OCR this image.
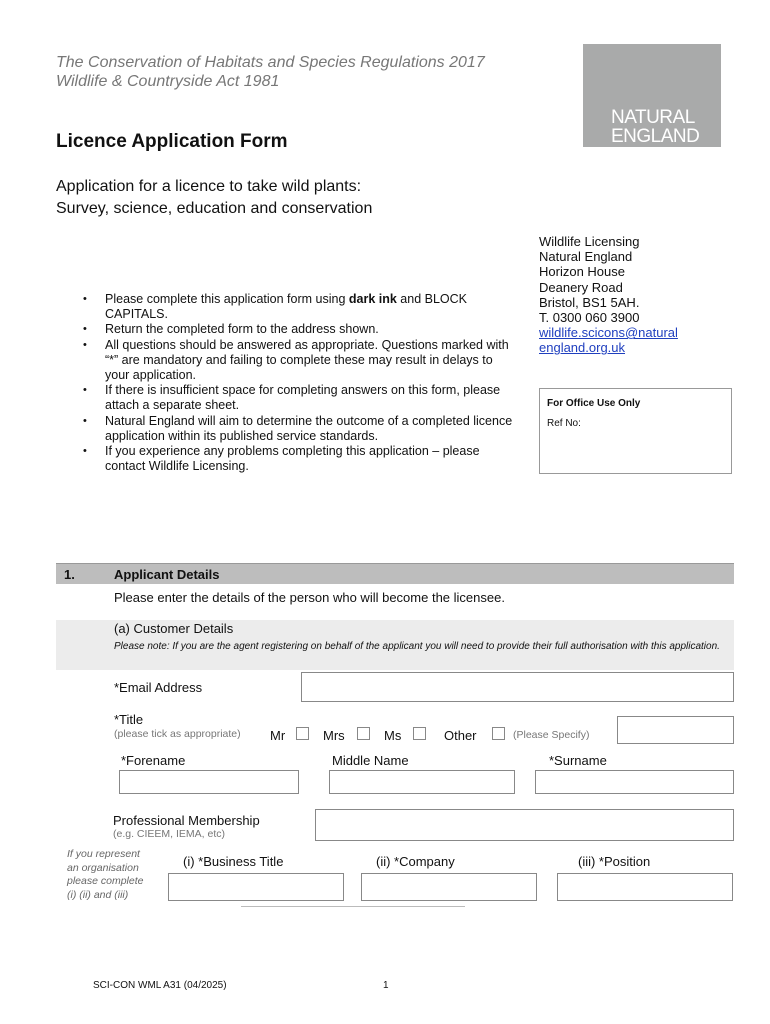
The Conservation of Habitats and Species Regulations 2017
Wildlife & Countryside Act 1981
NATURAL
ENGLAND
Licence Application Form
Application for a licence to take wild plants:
Survey, science, education and conservation
Wildlife Licensing
Natural England
Horizon House
Deanery Road
Bristol, BS1 5AH.
T. 0300 060 3900
wildlife.scicons@natural
england.org.uk
For Office Use Only
Ref No:
• Please complete this application form using dark ink and BLOCK CAPITALS.
• Return the completed form to the address shown.
• All questions should be answered as appropriate. Questions marked with “*” are mandatory and failing to complete these may result in delays to your application.
• If there is insufficient space for completing answers on this form, please attach a separate sheet.
• Natural England will aim to determine the outcome of a completed licence application within its published service standards.
• If you experience any problems completing this application – please contact Wildlife Licensing.
1.	Applicant Details
Please enter the details of the person who will become the licensee.
(a) Customer Details
Please note: If you are the agent registering on behalf of the applicant you will need to provide their full authorisation with this application.
*Email Address
*Title
(please tick as appropriate) Mr	Mrs	Ms	Other	(Please Specify)
*Forename	Middle Name	*Surname
Professional Membership
(e.g. CIEEM, IEMA, etc)
If you represent
an organisation
please complete
(i) (ii) and (iii)
(i) *Business Title	(ii) *Company	(iii) *Position
SCI-CON WML A31 (04/2025)	1
